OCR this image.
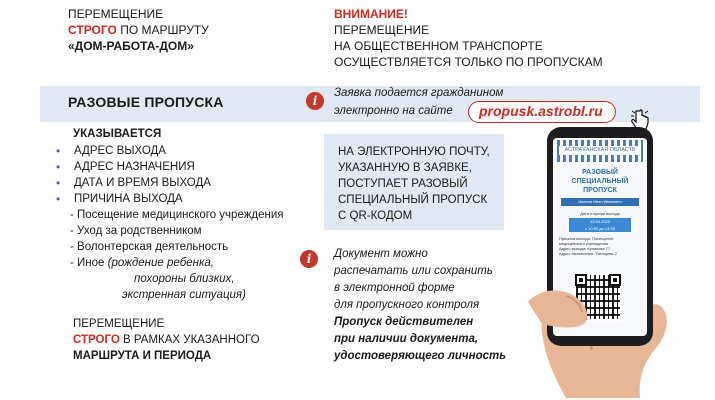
ПЕРЕМЕЩЕНИЕ
СТРОГО ПО МАРШРУТУ
«ДОМ-РАБОТА-ДОМ»
ВНИМАНИЕ!
ПЕРЕМЕЩЕНИЕ
НА ОБЩЕСТВЕННОМ ТРАНСПОРТЕ
ОСУЩЕСТВЛЯЕТСЯ ТОЛЬКО ПО ПРОПУСКАМ
РАЗОВЫЕ ПРОПУСКА	i
Заявка подается гражданином
электронно на сайте	propusk.astrobl.ru
УКАЗЫВАЕТСЯ
• АДРЕС ВЫХОДА
• АДРЕС НАЗНАЧЕНИЯ
• ДАТА И ВРЕМЯ ВЫХОДА
• ПРИЧИНА ВЫХОДА
- Посещение медицинского учреждения
- Уход за родственником
- Волонтерская деятельность
- Иное (рождение ребенка,
похороны близких,
экстренная ситуация)
ПЕРЕМЕЩЕНИЕ
СТРОГО В РАМКАХ УКАЗАННОГО
МАРШРУТА И ПЕРИОДА
НА ЭЛЕКТРОННУЮ ПОЧТУ,
УКАЗАННУЮ В ЗАЯВКЕ,
ПОСТУПАЕТ РАЗОВЫЙ
СПЕЦИАЛЬНЫЙ ПРОПУСК
С QR-КОДОМ
i	Документ можно
распечатать или сохранить
в электронной форме
для пропускного контроля
Пропуск действителен
при наличии документа,
удостоверяющего личность
АСТРАХАНСКАЯ ОБЛАСТЬ
РАЗОВЫЙ
СПЕЦИАЛЬНЫЙ
ПРОПУСК
Иванов Иван Иванович
Дата и время выхода
13.04.2020
с 10:00 до 13:00
Причина выхода: Посещение
медицинского учреждения
Адрес выхода: Куликова 77
Адрес назначения: Татищева 2
